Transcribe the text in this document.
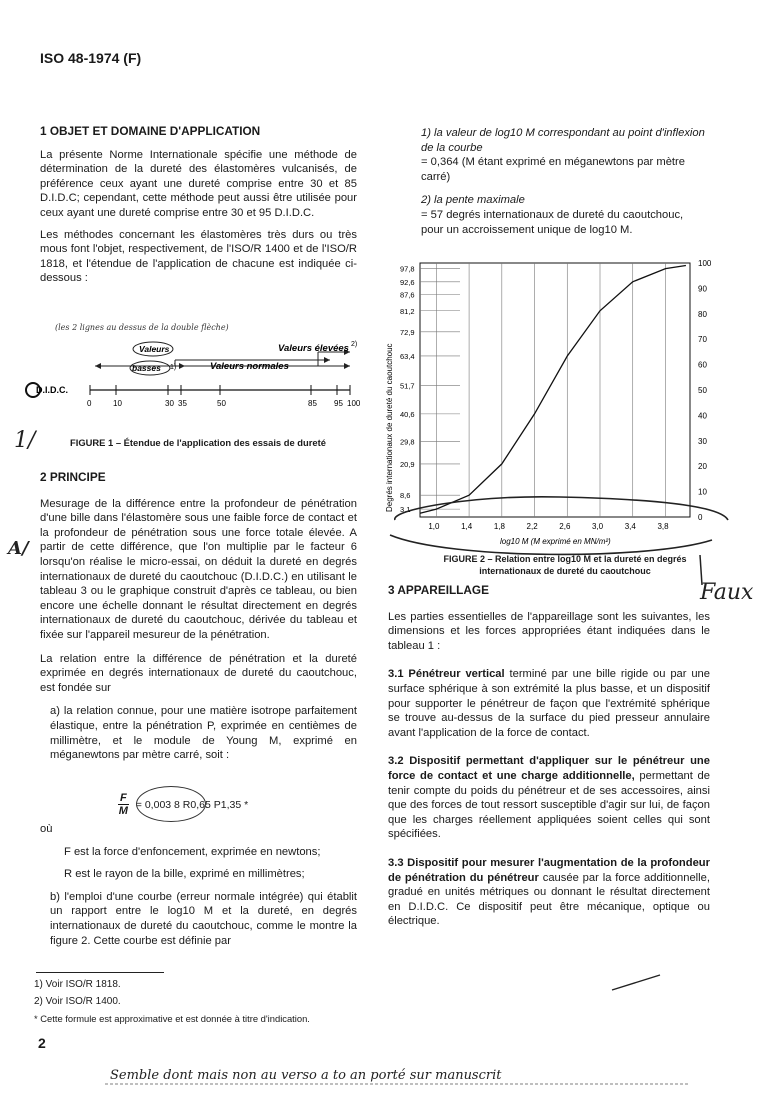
ISO 48-1974 (F)
1 OBJET ET DOMAINE D'APPLICATION

La présente Norme Internationale spécifie une méthode de détermination de la dureté des élastomères vulcanisés, de préférence ceux ayant une dureté comprise entre 30 et 85 D.I.D.C; cependant, cette méthode peut aussi être utilisée pour ceux ayant une dureté comprise entre 30 et 95 D.I.D.C.

Les méthodes concernant les élastomères très durs ou très mous font l'objet, respectivement, de l'ISO/R 1400 et de l'ISO/R 1818, et l'étendue de l'application de chacune est indiquée ci-dessous :

(les 2 lignes au dessus de la double flèche)
Valeurs
basses 1)	Valeurs normales
Valeurs élevées 2)
D.I.D.C.
0	10	30 35	50	85 95 100
FIGURE 1 – Étendue de l'application des essais de dureté
2 PRINCIPE

Mesurage de la différence entre la profondeur de pénétration d'une bille dans l'élastomère sous une faible force de contact et la profondeur de pénétration sous une force totale élevée. A partir de cette différence, que l'on multiplie par le facteur 6 lorsqu'on réalise le micro-essai, on déduit la dureté en degrés internationaux de dureté du caoutchouc (D.I.D.C.) en utilisant le tableau 3 ou le graphique construit d'après ce tableau, ou bien encore une échelle donnant le résultat directement en degrés internationaux de dureté du caoutchouc, dérivée du tableau et fixée sur l'appareil mesureur de la pénétration.

La relation entre la différence de pénétration et la dureté exprimée en degrés internationaux de dureté du caoutchouc, est fondée sur

a) la relation connue, pour une matière isotrope parfaitement élastique, entre la pénétration P, exprimée en centièmes de millimètre, et le module de Young M, exprimé en méganewtons par mètre carré, soit :

$\frac{F}{M} = 0,003$ 8 R0,65 P1,35 *
où
F est la force d'enfoncement, exprimée en newtons;
R est le rayon de la bille, exprimé en millimètres;

b) l'emploi d'une courbe (erreur normale intégrée) qui établit un rapport entre le log10 M et la dureté, en degrés internationaux de dureté du caoutchouc, comme le montre la figure 2. Cette courbe est définie par

1) Voir ISO/R 1818.
2) Voir ISO/R 1400.
* Cette formule est approximative et est donnée à titre d'indication.
2
1) la valeur de log10 M correspondant au point d'inflexion de la courbe
= 0,364 (M étant exprimé en méganewtons par mètre carré)
2) la pente maximale
= 57 degrés internationaux de dureté du caoutchouc, pour un accroissement unique de log10 M.
1,0	1,4	1,8	2,2	2,6	3,0	3,4	3,8
0
10
20
30
40
50
60
70
80
90
100
3,1
8,6
20,9
29,8
40,6
51,7
63,4
72,9
81,2
87,6
92,6
97,8
log10 M (M exprimé en MN/m²)
Degrés internationaux de dureté du caoutchouc
FIGURE 2 – Relation entre log10 M et la dureté en degrés internationaux de dureté du caoutchouc
3 APPAREILLAGE

Les parties essentielles de l'appareillage sont les suivantes, les dimensions et les forces appropriées étant indiquées dans le tableau 1 :

3.1 Pénétreur vertical terminé par une bille rigide ou par une surface sphérique à son extrémité la plus basse, et un dispositif pour supporter le pénétreur de façon que l'extrémité sphérique se trouve au-dessus de la surface du pied presseur annulaire avant l'application de la force de contact.

3.2 Dispositif permettant d'appliquer sur le pénétreur une force de contact et une charge additionnelle, permettant de tenir compte du poids du pénétreur et de ses accessoires, ainsi que des forces de tout ressort susceptible d'agir sur lui, de façon que les charges réellement appliquées soient celles qui sont spécifiées.

3.3 Dispositif pour mesurer l'augmentation de la profondeur de pénétration du pénétreur causée par la force additionnelle, gradué en unités métriques ou donnant le résultat directement en D.I.D.C. Ce dispositif peut être mécanique, optique ou électrique.

Faux
A/
1/
Semble dont mais non au verso a to an porté sur manuscrit
